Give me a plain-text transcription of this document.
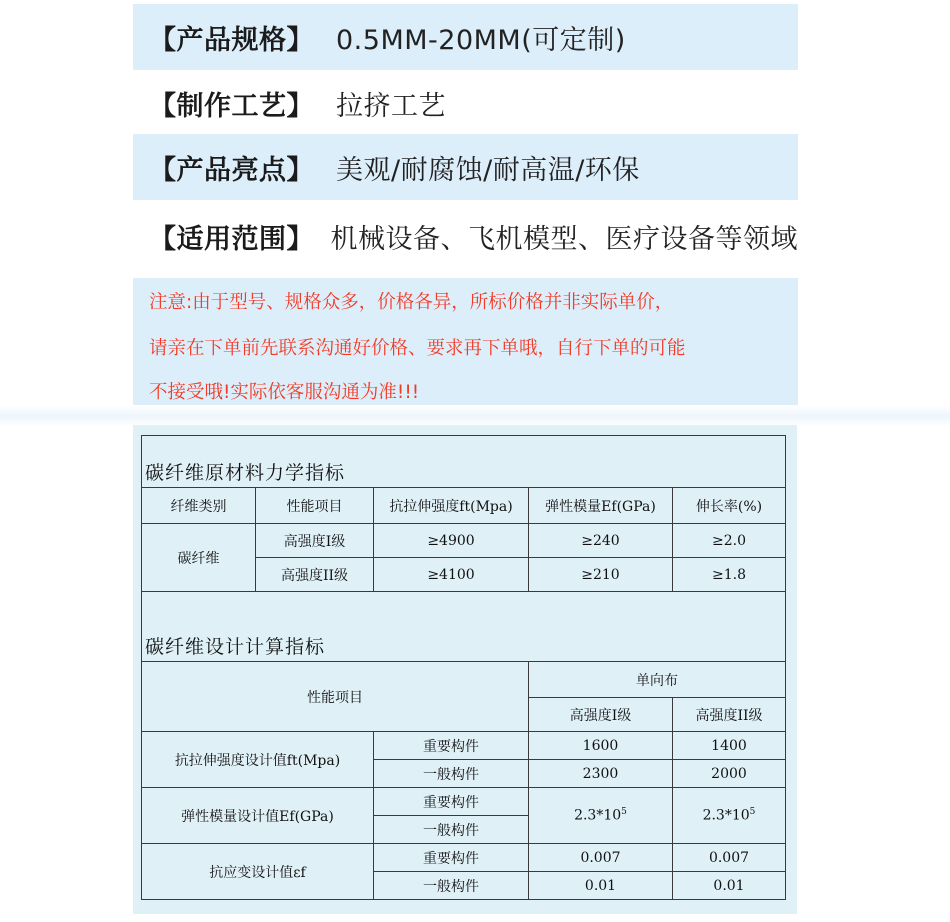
【产品规格】 0.5MM-20MM(可定制)
【制作工艺】 拉挤工艺
【产品亮点】 美观/耐腐蚀/耐高温/环保
【适用范围】 机械设备、飞机模型、医疗设备等领域
注意:由于型号、规格众多，价格各异，所标价格并非实际单价，
请亲在下单前先联系沟通好价格、要求再下单哦，自行下单的可能
不接受哦!实际依客服沟通为准!!!
碳纤维原材料力学指标				
纤维类别	性能项目	抗拉伸强度ft(Mpa)	弹性模量Ef(GPa)	伸长率(%)
碳纤维	高强度I级	≥4900	≥240	≥2.0
	高强度II级	≥4100	≥210	≥1.8
碳纤维设计计算指标				
性能项目			单向布	
			高强度I级	高强度II级
抗拉伸强度设计值ft(Mpa)		重要构件	1600	1400
		一般构件	2300	2000
弹性模量设计值Ef(GPa)		重要构件	$2.3*10^5$	$2.3*10^5$
		一般构件		
抗应变设计值εf		重要构件	0.007	0.007
		一般构件	0.01	0.01
